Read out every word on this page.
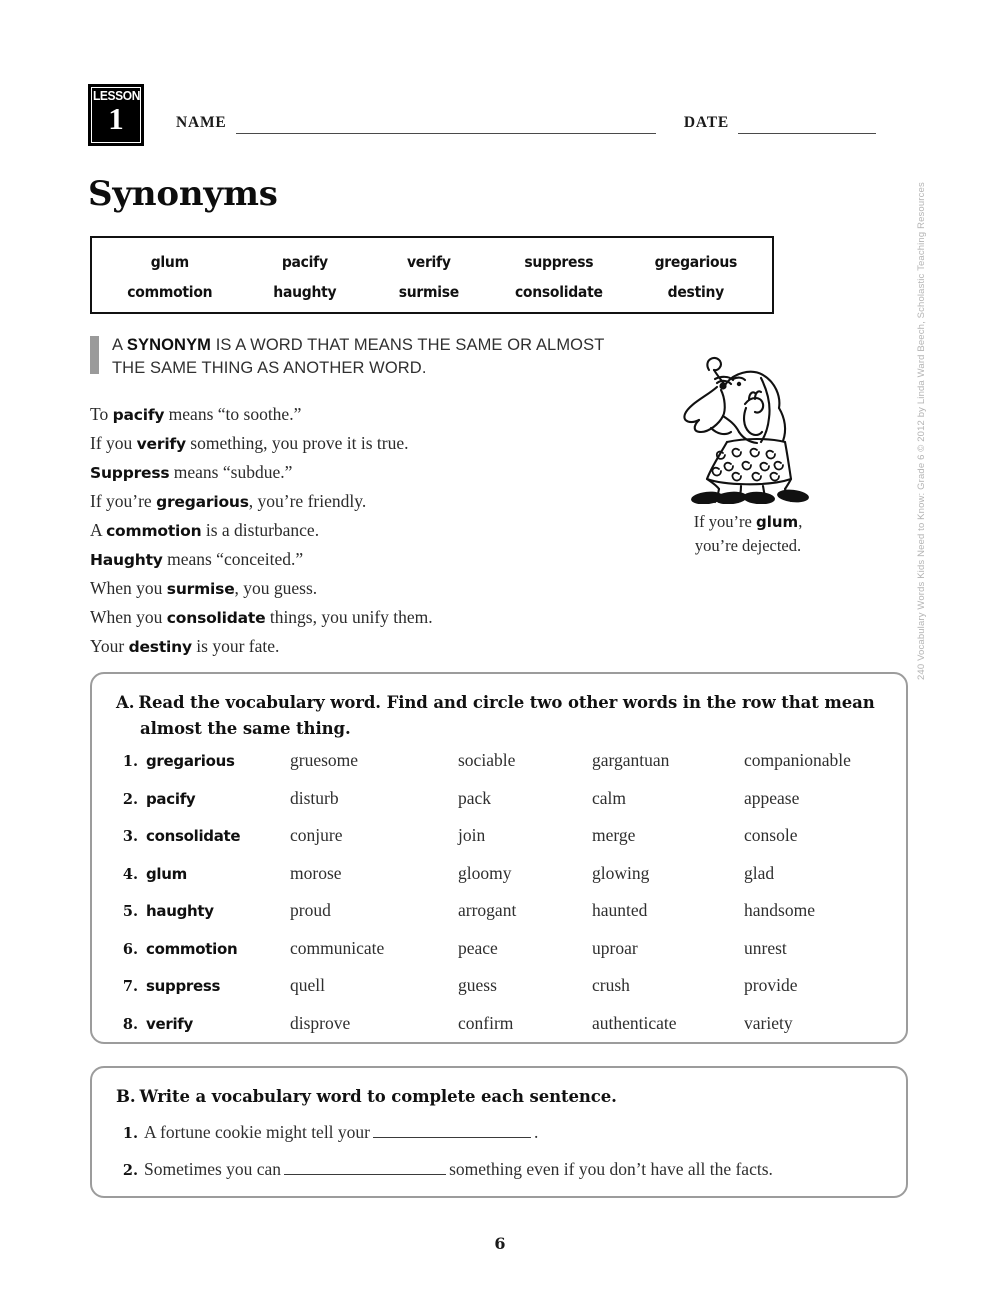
LESSON
1	NAME	DATE
Synonyms
glum	pacify	verify	suppress	gregarious
commotion	haughty	surmise	consolidate	destiny
A SYNONYM IS A WORD THAT MEANS THE SAME OR ALMOST THE SAME THING AS ANOTHER WORD.
To pacify means “to soothe.”
If you verify something, you prove it is true.
Suppress means “subdue.”
If you’re gregarious, you’re friendly.
A commotion is a disturbance.
Haughty means “conceited.”
When you surmise, you guess.
When you consolidate things, you unify them.
Your destiny is your fate.
If you’re glum,
you’re dejected.
A. Read the vocabulary word. Find and circle two other words in the row that mean
almost the same thing.
1. gregarious	gruesome	sociable	gargantuan	companionable
2. pacify	disturb	pack	calm	appease
3. consolidate	conjure	join	merge	console
4. glum	morose	gloomy	glowing	glad
5. haughty	proud	arrogant	haunted	handsome
6. commotion	communicate	peace	uproar	unrest
7. suppress	quell	guess	crush	provide
8. verify	disprove	confirm	authenticate	variety
B. Write a vocabulary word to complete each sentence.
1. A fortune cookie might tell your	.
2. Sometimes you can	something even if you don’t have all the facts.
240 Vocabulary Words Kids Need to Know: Grade 6 © 2012 by Linda Ward Beech, Scholastic Teaching Resources
6
